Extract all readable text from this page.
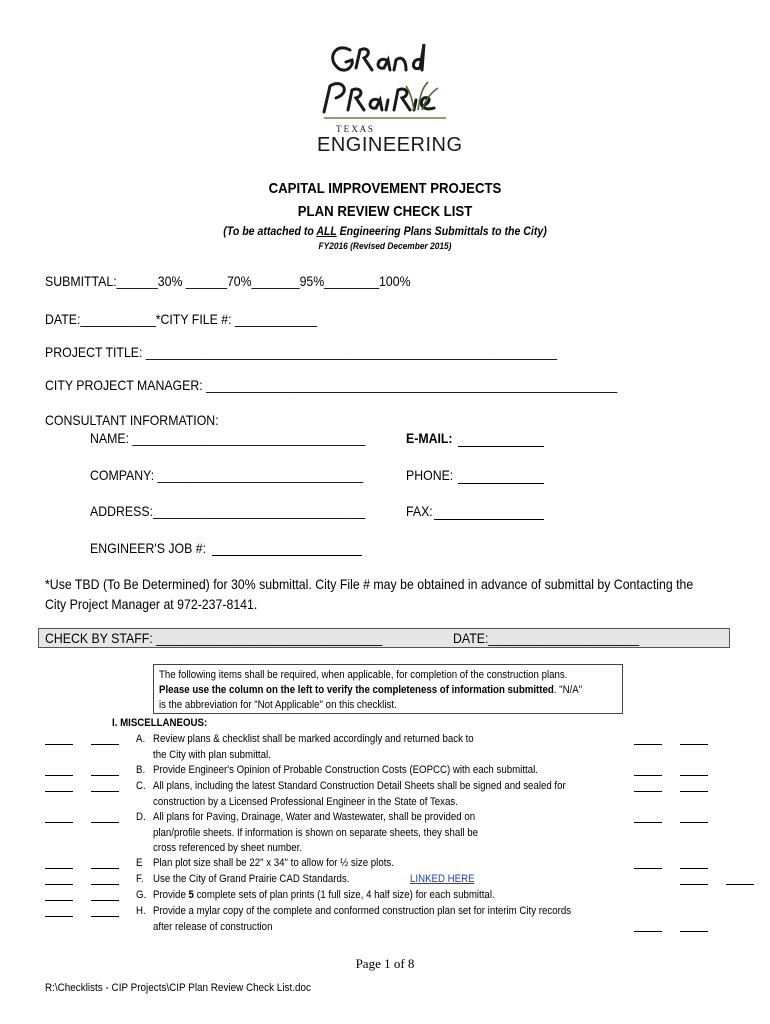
T E X A S
ENGINEERING
CAPITAL IMPROVEMENT PROJECTS
PLAN REVIEW CHECK LIST
(To be attached to ALL Engineering Plans Submittals to the City)
FY2016 (Revised December 2015)
SUBMITTAL:______30% ______70%_______95%________100%
DATE:___________*CITY FILE #: ____________
PROJECT TITLE: ____________________________________________________________
CITY PROJECT MANAGER: ____________________________________________________________
CONSULTANT INFORMATION:
NAME: __________________________________	E-MAIL:
COMPANY: ______________________________	PHONE:
ADDRESS:_______________________________	FAX:
ENGINEER'S JOB #:
*Use TBD (To Be Determined) for 30% submittal. City File # may be obtained in advance of submittal by Contacting the
City Project Manager at 972-237-8141.
CHECK BY STAFF: _________________________________	DATE:______________________
The following items shall be required, when applicable, for completion of the construction plans.
Please use the column on the left to verify the completeness of information submitted. "N/A"
is the abbreviation for "Not Applicable" on this checklist.
I. MISCELLANEOUS:
A. Review plans & checklist shall be marked accordingly and returned back to
the City with plan submittal.
B. Provide Engineer's Opinion of Probable Construction Costs (EOPCC) with each submittal.
C. All plans, including the latest Standard Construction Detail Sheets shall be signed and sealed for
construction by a Licensed Professional Engineer in the State of Texas.
D. All plans for Paving, Drainage, Water and Wastewater, shall be provided on
plan/profile sheets. If information is shown on separate sheets, they shall be
cross referenced by sheet number.
E Plan plot size shall be 22" x 34" to allow for ½ size plots.
F. Use the City of Grand Prairie CAD Standards.	LINKED HERE
G. Provide 5 complete sets of plan prints (1 full size, 4 half size) for each submittal.
H. Provide a mylar copy of the complete and conformed construction plan set for interim City records
after release of construction
Page 1 of 8
R:\Checklists - CIP Projects\CIP Plan Review Check List.doc
